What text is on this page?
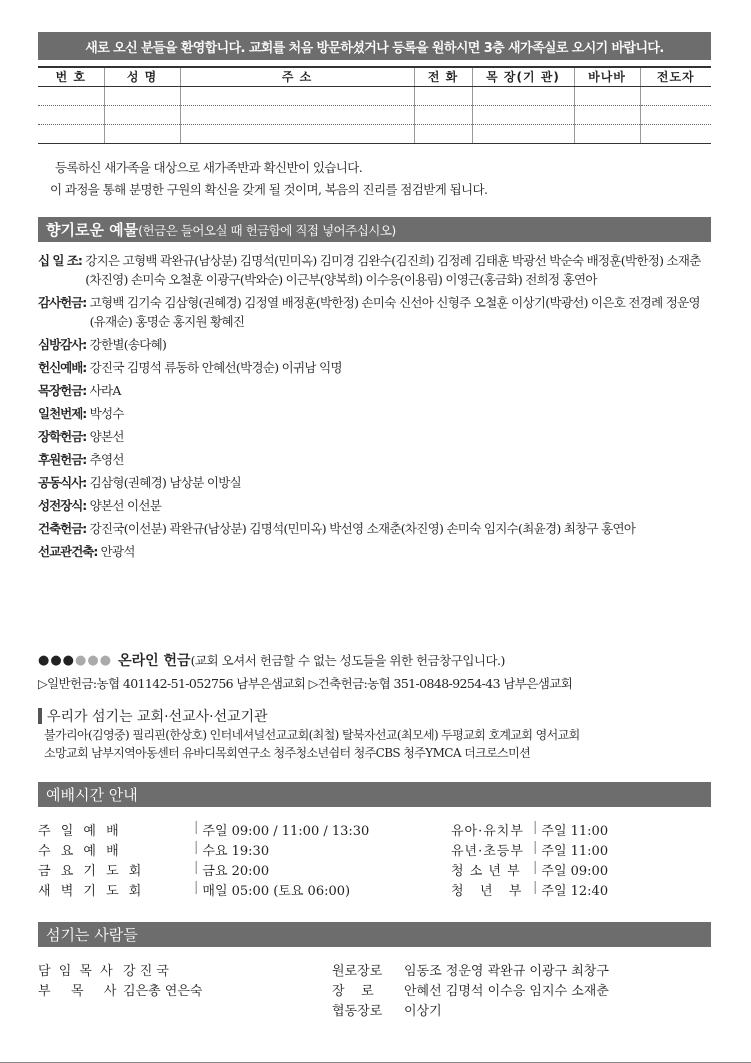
새로 오신 분들을 환영합니다. 교회를 처음 방문하셨거나 등록을 원하시면 3층 새가족실로 오시기 바랍니다.
번 호	성 명	주 소	전 화	목 장(기 관)	바나바	전도자

등록하신 새가족을 대상으로 새가족반과 확신반이 있습니다.
이 과정을 통해 분명한 구원의 확신을 갖게 될 것이며, 복음의 진리를 점검받게 됩니다.
향기로운 예물 (헌금은 들어오실 때 헌금함에 직접 넣어주십시오)
십 일 조:
강지은 고형백 곽완규(남상분) 김명석(민미옥) 김미경 김완수(김진희) 김정례 김태훈 박광선 박순숙 배정훈(박한정) 소재춘(차진영) 손미숙 오철훈 이광구(박와순) 이근부(양복희) 이수응(이용림) 이영근(홍금화) 전희정 홍연아
감사헌금:
고형백 김기숙 김삼형(권혜경) 김정열 배정훈(박한정) 손미숙 신선아 신형주 오철훈 이상기(박광선) 이은호 전경례 정운영(유재순) 홍명순 홍지원 황혜진
심방감사:
강한별(송다혜)
헌신예배:
강진국 김명석 류동하 안혜선(박경순) 이귀남 익명
목장헌금:
사라A
일천번제:
박성수
장학헌금:
양본선
후원헌금:
추영선
공동식사:
김삼형(권혜경) 남상분 이방실
성전장식:
양본선 이선분
건축헌금:
강진국(이선분) 곽완규(남상분) 김명석(민미옥) 박선영 소재춘(차진영) 손미숙 임지수(최윤경) 최창구 홍연아
선교관건축:
안광석
●●●●●● 온라인 헌금 (교회 오셔서 헌금할 수 없는 성도들을 위한 헌금창구입니다.)
▷일반헌금:농협 401142-51-052756 남부은샘교회 ▷건축헌금:농협 351-0848-9254-43 남부은샘교회
우리가 섬기는 교회·선교사·선교기관
불가리아(김영중) 필리핀(한상호) 인터네셔널선교교회(최철) 탈북자선교(최모세) 두평교회 호계교회 영서교회
소망교회 남부지역아동센터 유바디목회연구소 청주청소년쉼터 청주CBS 청주YMCA 더크로스미션
예배시간 안내
주 일 예 배	| 주일 09:00 / 11:00 / 13:30
수 요 예 배	| 수요 19:30
금 요 기 도 회	| 금요 20:00
새 벽 기 도 회	| 매일 05:00 (토요 06:00)
유아·유치부 | 주일 11:00
유년·초등부 | 주일 11:00
청 소 년 부 | 주일 09:00
청   년   부 | 주일 12:40
섬기는 사람들
담 임 목 사 강 진 국
부   목   사 김은총 연은숙
원로장로	임동조 정운영 곽완규 이광구 최창구
장    로	안혜선 김명석 이수응 임지수 소재춘
협동장로	이상기
